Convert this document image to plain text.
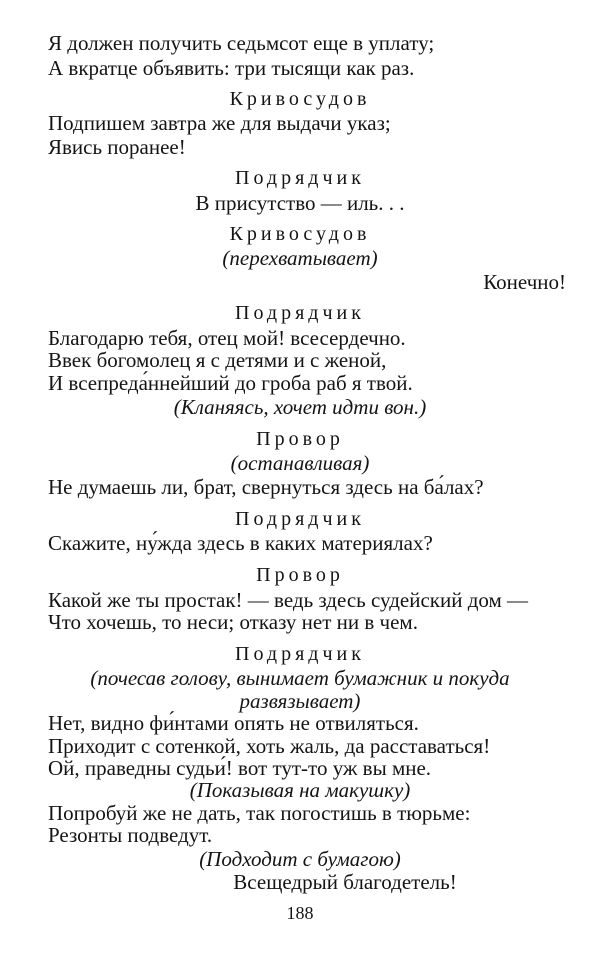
Я должен получить седьмсот еще в уплату;
А вкратце объявить: три тысящи как раз.
Кривосудов
Подпишем завтра же для выдачи указ;
Явись поранее!
Подрядчик
В присутство — иль. . .
Кривосудов
(перехватывает)
Конечно!
Подрядчик
Благодарю тебя, отец мой! всесердечно.
Ввек богомолец я с детями и с женой,
И всепреда́ннейший до гроба раб я твой.
(Кланяясь, хочет идти вон.)
Провор
(останавливая)
Не думаешь ли, брат, свернуться здесь на ба́лах?
Подрядчик
Скажите, ну́жда здесь в каких материялах?
Провор
Какой же ты простак! — ведь здесь судейский дом —
Что хочешь, то неси; отказу нет ни в чем.
Подрядчик
(почесав голову, вынимает бумажник и покуда
развязывает)
Нет, видно фи́нтами опять не отвиляться.
Приходит с сотенкой, хоть жаль, да расставаться!
Ой, праведны судьи́! вот тут-то уж вы мне.
(Показывая на макушку)
Попробуй же не дать, так погостишь в тюрьме:
Резонты подведут.
(Подходит с бумагою)
Всещедрый благодетель!
188
